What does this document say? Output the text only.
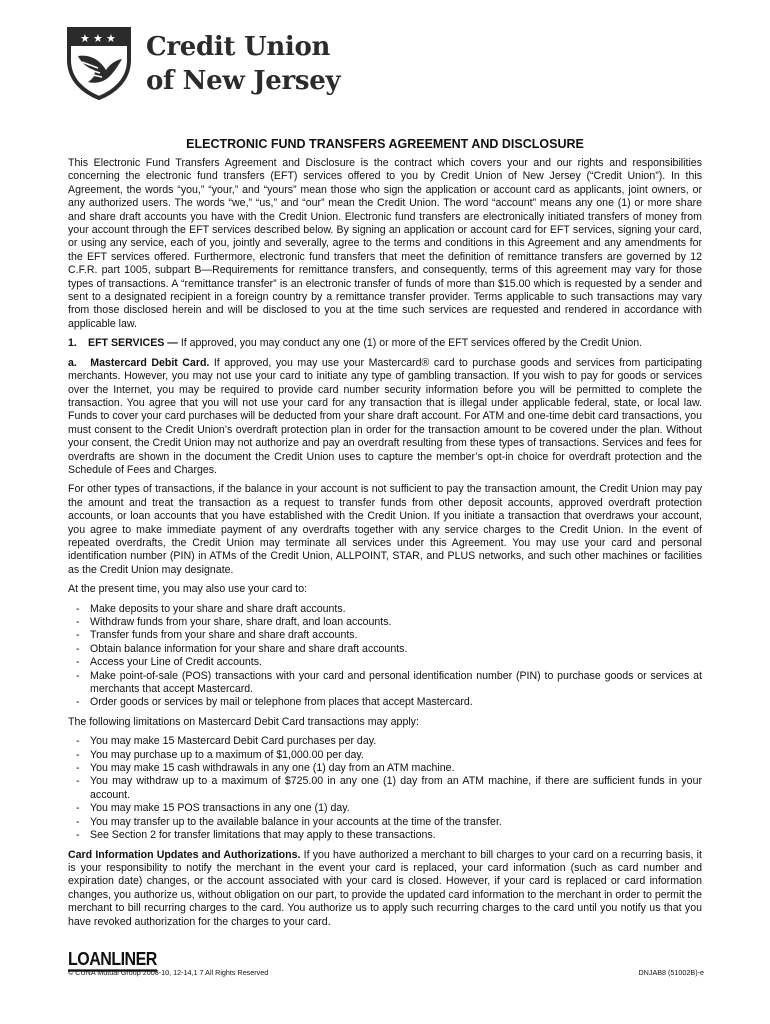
★ ★ ★ Credit Union
of New Jersey
ELECTRONIC FUND TRANSFERS AGREEMENT AND DISCLOSURE

This Electronic Fund Transfers Agreement and Disclosure is the contract which covers your and our rights and responsibilities concerning the electronic fund transfers (EFT) services offered to you by Credit Union of New Jersey (“Credit Union”). In this Agreement, the words “you,” “your,” and “yours” mean those who sign the application or account card as applicants, joint owners, or any authorized users. The words “we,” “us,” and “our” mean the Credit Union. The word “account” means any one (1) or more share and share draft accounts you have with the Credit Union. Electronic fund transfers are electronically initiated transfers of money from your account through the EFT services described below. By signing an application or account card for EFT services, signing your card, or using any service, each of you, jointly and severally, agree to the terms and conditions in this Agreement and any amendments for the EFT services offered. Furthermore, electronic fund transfers that meet the definition of remittance transfers are governed by 12 C.F.R. part 1005, subpart B—Requirements for remittance transfers, and consequently, terms of this agreement may vary for those types of transactions. A “remittance transfer” is an electronic transfer of funds of more than $15.00 which is requested by a sender and sent to a designated recipient in a foreign country by a remittance transfer provider. Terms applicable to such transactions may vary from those disclosed herein and will be disclosed to you at the time such services are requested and rendered in accordance with applicable law.

1. EFT SERVICES — If approved, you may conduct any one (1) or more of the EFT services offered by the Credit Union.

a.   Mastercard Debit Card. If approved, you may use your Mastercard® card to purchase goods and services from participating merchants. However, you may not use your card to initiate any type of gambling transaction. If you wish to pay for goods or services over the Internet, you may be required to provide card number security information before you will be permitted to complete the transaction. You agree that you will not use your card for any transaction that is illegal under applicable federal, state, or local law. Funds to cover your card purchases will be deducted from your share draft account. For ATM and one-time debit card transactions, you must consent to the Credit Union’s overdraft protection plan in order for the transaction amount to be covered under the plan. Without your consent, the Credit Union may not authorize and pay an overdraft resulting from these types of transactions. Services and fees for overdrafts are shown in the document the Credit Union uses to capture the member’s opt-in choice for overdraft protection and the Schedule of Fees and Charges.

For other types of transactions, if the balance in your account is not sufficient to pay the transaction amount, the Credit Union may pay the amount and treat the transaction as a request to transfer funds from other deposit accounts, approved overdraft protection accounts, or loan accounts that you have established with the Credit Union. If you initiate a transaction that overdraws your account, you agree to make immediate payment of any overdrafts together with any service charges to the Credit Union. In the event of repeated overdrafts, the Credit Union may terminate all services under this Agreement. You may use your card and personal identification number (PIN) in ATMs of the Credit Union, ALLPOINT, STAR, and PLUS networks, and such other machines or facilities as the Credit Union may designate.

At the present time, you may also use your card to:

- Make deposits to your share and share draft accounts.
- Withdraw funds from your share, share draft, and loan accounts.
- Transfer funds from your share and share draft accounts.
- Obtain balance information for your share and share draft accounts.
- Access your Line of Credit accounts.
- Make point-of-sale (POS) transactions with your card and personal identification number (PIN) to purchase goods or services at merchants that accept Mastercard.
- Order goods or services by mail or telephone from places that accept Mastercard.

The following limitations on Mastercard Debit Card transactions may apply:

- You may make 15 Mastercard Debit Card purchases per day.
- You may purchase up to a maximum of $1,000.00 per day.
- You may make 15 cash withdrawals in any one (1) day from an ATM machine.
- You may withdraw up to a maximum of $725.00 in any one (1) day from an ATM machine, if there are sufficient funds in your account.
- You may make 15 POS transactions in any one (1) day.
- You may transfer up to the available balance in your accounts at the time of the transfer.
- See Section 2 for transfer limitations that may apply to these transactions.

Card Information Updates and Authorizations. If you have authorized a merchant to bill charges to your card on a recurring basis, it is your responsibility to notify the merchant in the event your card is replaced, your card information (such as card number and expiration date) changes, or the account associated with your card is closed. However, if your card is replaced or card information changes, you authorize us, without obligation on our part, to provide the updated card information to the merchant in order to permit the merchant to bill recurring charges to the card. You authorize us to apply such recurring charges to the card until you notify us that you have revoked authorization for the charges to your card.

LOANLINER
© CUNA Mutual Group 2008-10, 12-14,1 7 All Rights Reserved	DNJAB8 (51002B)-e
